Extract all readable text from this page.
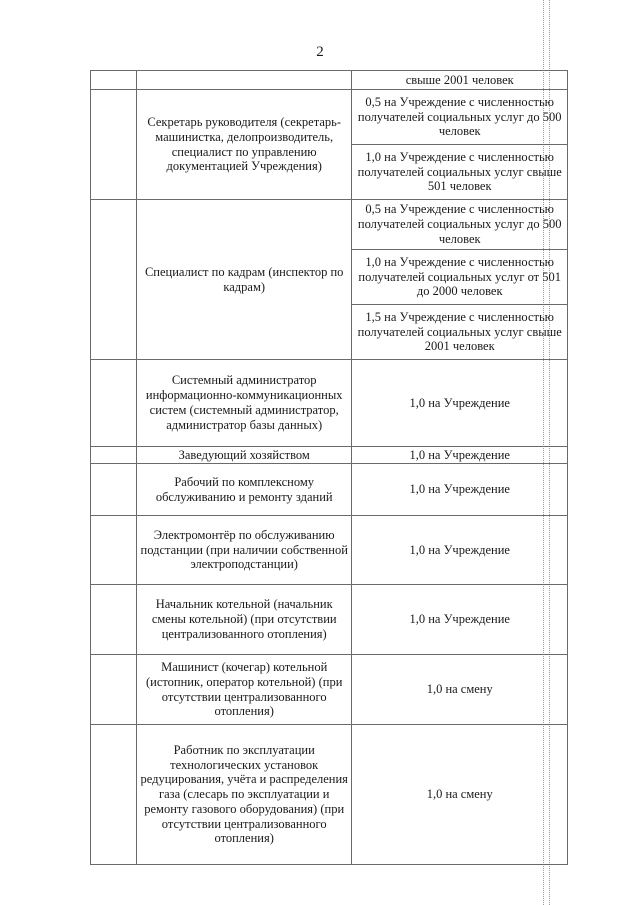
2
		свыше 2001 человек
	Секретарь руководителя (секретарь-машинистка, делопроизводитель, специалист по управлению документацией Учреждения)	0,5 на Учреждение с численностью получателей социальных услуг до 500 человек
		1,0 на Учреждение с численностью получателей социальных услуг свыше 501 человек
	Специалист по кадрам (инспектор по кадрам)	0,5 на Учреждение с численностью получателей социальных услуг до 500 человек
		1,0 на Учреждение с численностью получателей социальных услуг от 501 до 2000 человек
		1,5 на Учреждение с численностью получателей социальных услуг свыше 2001 человек
	Системный администратор информационно-коммуникационных систем (системный администратор, администратор базы данных)	1,0 на Учреждение
	Заведующий хозяйством	1,0 на Учреждение
	Рабочий по комплексному обслуживанию и ремонту зданий	1,0 на Учреждение
	Электромонтёр по обслуживанию подстанции (при наличии собственной электроподстанции)	1,0 на Учреждение
	Начальник котельной (начальник смены котельной) (при отсутствии централизованного отопления)	1,0 на Учреждение
	Машинист (кочегар) котельной (истопник, оператор котельной) (при отсутствии централизованного отопления)	1,0 на смену
	Работник по эксплуатации технологических установок редуцирования, учёта и распределения газа (слесарь по эксплуатации и ремонту газового оборудования) (при отсутствии централизованного отопления)	1,0 на смену
